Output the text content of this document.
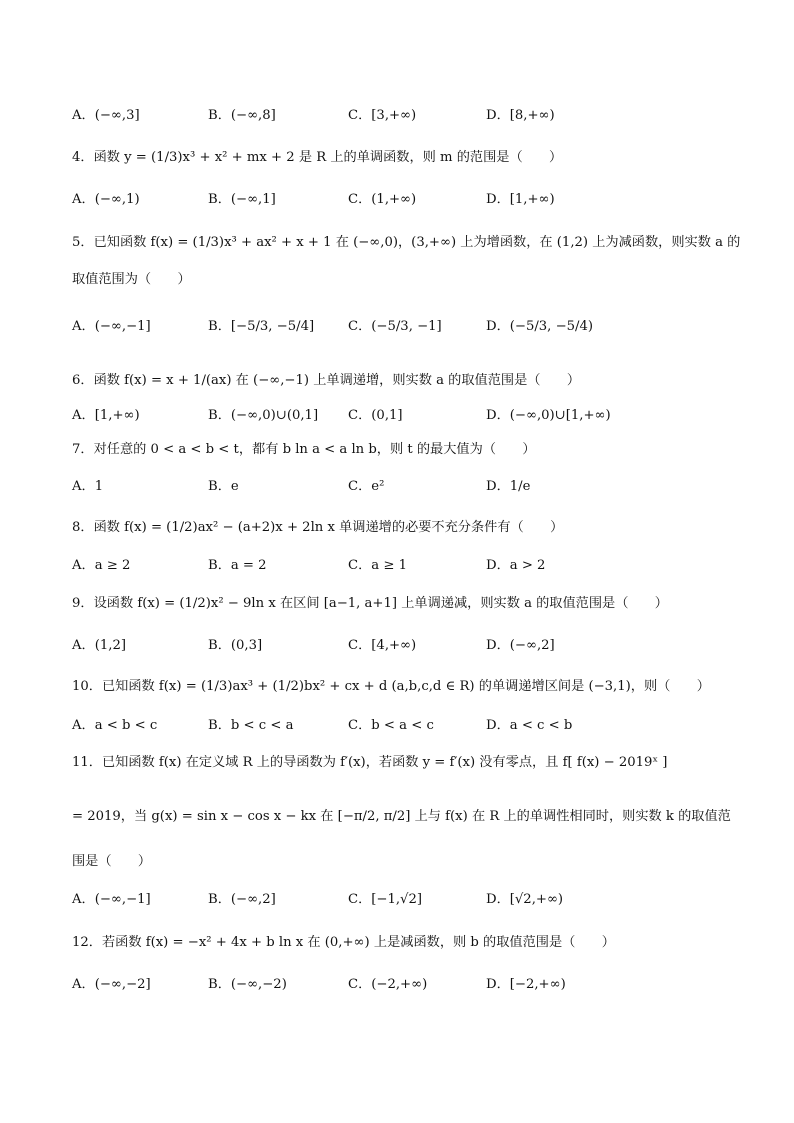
A．(−∞,3]	B．(−∞,8]	C．[3,+∞)	D．[8,+∞)
4．函数 y = (1/3)x³ + x² + mx + 2 是 R 上的单调函数，则 m 的范围是（　　）
A．(−∞,1)	B．(−∞,1]	C．(1,+∞)	D．[1,+∞)
5．已知函数 f(x) = (1/3)x³ + ax² + x + 1 在 (−∞,0)，(3,+∞) 上为增函数，在 (1,2) 上为减函数，则实数 a 的
取值范围为（　　）
A．(−∞,−1]	B．[−5/3, −5/4]	C．(−5/3, −1]	D．(−5/3, −5/4)
6．函数 f(x) = x + 1/(ax) 在 (−∞,−1) 上单调递增，则实数 a 的取值范围是（　　）
A．[1,+∞)	B．(−∞,0)∪(0,1] C．(0,1]	D．(−∞,0)∪[1,+∞)
7．对任意的 0 < a < b < t，都有 b ln a < a ln b，则 t 的最大值为（　　）
A．1	B．e	C．e²	D．1/e
8．函数 f(x) = (1/2)ax² − (a+2)x + 2ln x 单调递增的必要不充分条件有（　　）
A．a ≥ 2	B．a = 2	C．a ≥ 1	D．a > 2
9．设函数 f(x) = (1/2)x² − 9ln x 在区间 [a−1, a+1] 上单调递减，则实数 a 的取值范围是（　　）
A．(1,2]	B．(0,3]	C．[4,+∞)	D．(−∞,2]
10．已知函数 f(x) = (1/3)ax³ + (1/2)bx² + cx + d (a,b,c,d ∈ R) 的单调递增区间是 (−3,1)，则（　　）
A．a < b < c	B．b < c < a	C．b < a < c	D．a < c < b
11．已知函数 f(x) 在定义域 R 上的导函数为 f′(x)，若函数 y = f′(x) 没有零点，且 f[ f(x) − 2019ˣ ]
= 2019，当 g(x) = sin x − cos x − kx 在 [−π/2, π/2] 上与 f(x) 在 R 上的单调性相同时，则实数 k 的取值范
围是（　　）
A．(−∞,−1]	B．(−∞,2]	C．[−1,√2]	D．[√2,+∞)
12．若函数 f(x) = −x² + 4x + b ln x 在 (0,+∞) 上是减函数，则 b 的取值范围是（　　）
A．(−∞,−2]	B．(−∞,−2)	C．(−2,+∞)	D．[−2,+∞)
